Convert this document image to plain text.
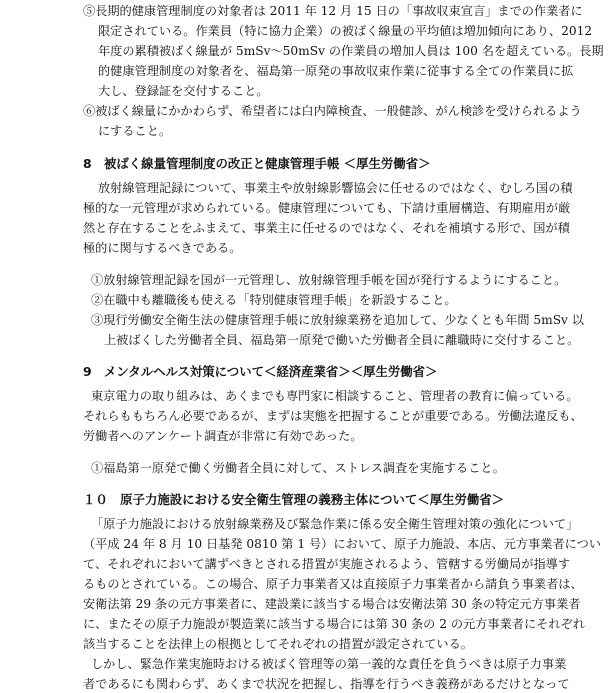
⑤長期的健康管理制度の対象者は 2011 年 12 月 15 日の「事故収束宣言」までの作業者に
限定されている。作業員（特に協力企業）の被ばく線量の平均値は増加傾向にあり、2012
年度の累積被ばく線量が 5mSv〜50mSv の作業員の増加人員は 100 名を超えている。長期
的健康管理制度の対象者を、福島第一原発の事故収束作業に従事する全ての作業員に拡
大し、登録証を交付すること。
⑥被ばく線量にかかわらず、希望者には白内障検査、一般健診、がん検診を受けられるよう
にすること。
8　被ばく線量管理制度の改正と健康管理手帳 ＜厚生労働省＞
放射線管理記録について、事業主や放射線影響協会に任せるのではなく、むしろ国の積
極的な一元管理が求められている。健康管理についても、下請け重層構造、有期雇用が厳
然と存在することをふまえて、事業主に任せるのではなく、それを補填する形で、国が積
極的に関与するべきである。
①放射線管理記録を国が一元管理し、放射線管理手帳を国が発行するようにすること。
②在職中も離職後も使える「特別健康管理手帳」を新設すること。
③現行労働安全衛生法の健康管理手帳に放射線業務を追加して、少なくとも年間 5mSv 以
上被ばくした労働者全員、福島第一原発で働いた労働者全員に離職時に交付すること。
9　メンタルヘルス対策について＜経済産業省＞＜厚生労働省＞
東京電力の取り組みは、あくまでも専門家に相談すること、管理者の教育に偏っている。
それらももちろん必要であるが、まずは実態を把握することが重要である。労働法違反も、
労働者へのアンケート調査が非常に有効であった。
①福島第一原発で働く労働者全員に対して、ストレス調査を実施すること。
１０　原子力施設における安全衛生管理の義務主体について＜厚生労働省＞
「原子力施設における放射線業務及び緊急作業に係る安全衛生管理対策の強化について」
（平成 24 年 8 月 10 日基発 0810 第 1 号）において、原子力施設、本店、元方事業者につい
て、それぞれにおいて講ずべきとされる措置が実施されるよう、管轄する労働局が指導す
るものとされている。この場合、原子力事業者又は直接原子力事業者から請負う事業者は、
安衛法第 29 条の元方事業者に、建設業に該当する場合は安衛法第 30 条の特定元方事業者
に、またその原子力施設が製造業に該当する場合には第 30 条の 2 の元方事業者にそれぞれ
該当することを法律上の根拠としてそれぞれの措置が設定されている。
しかし、緊急作業実施時おける被ばく管理等の第一義的な責任を負うべきは原子力事業
者であるにも関わらず、あくまで状況を把握し、指導を行うべき義務があるだけとなって
